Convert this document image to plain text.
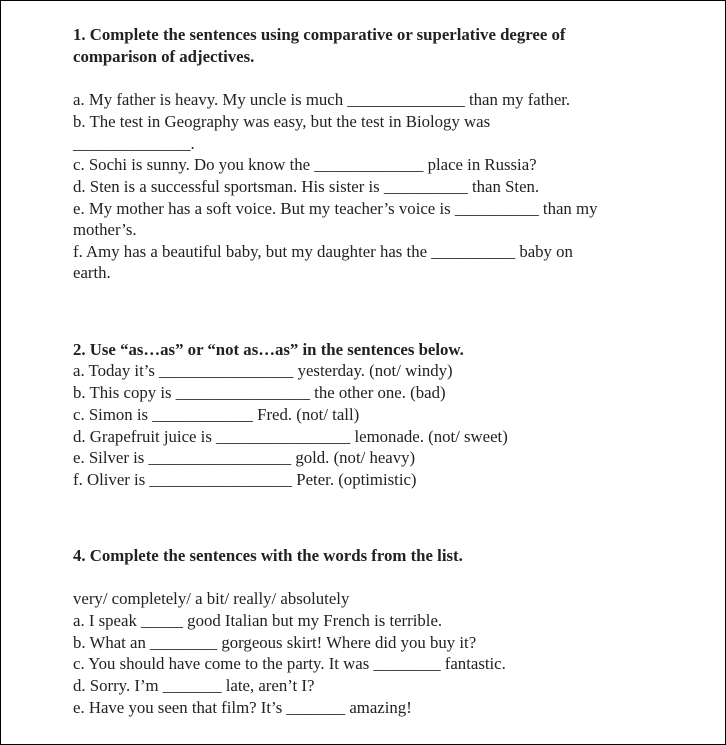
1. Complete the sentences using comparative or superlative degree of
comparison of adjectives.
a. My father is heavy. My uncle is much ______________ than my father.
b. The test in Geography was easy, but the test in Biology was
______________.
c. Sochi is sunny. Do you know the _____________ place in Russia?
d. Sten is a successful sportsman. His sister is __________ than Sten.
e. My mother has a soft voice. But my teacher’s voice is __________ than my
mother’s.
f. Amy has a beautiful baby, but my daughter has the __________ baby on
earth.
2. Use “as…as” or “not as…as” in the sentences below.
a. Today it’s ________________ yesterday. (not/ windy)
b. This copy is ________________ the other one. (bad)
c. Simon is ____________ Fred. (not/ tall)
d. Grapefruit juice is ________________ lemonade. (not/ sweet)
e. Silver is _________________ gold. (not/ heavy)
f. Oliver is _________________ Peter. (optimistic)
4. Complete the sentences with the words from the list.
very/ completely/ a bit/ really/ absolutely
a. I speak _____ good Italian but my French is terrible.
b. What an ________ gorgeous skirt! Where did you buy it?
c. You should have come to the party. It was ________ fantastic.
d. Sorry. I’m _______ late, aren’t I?
e. Have you seen that film? It’s _______ amazing!
